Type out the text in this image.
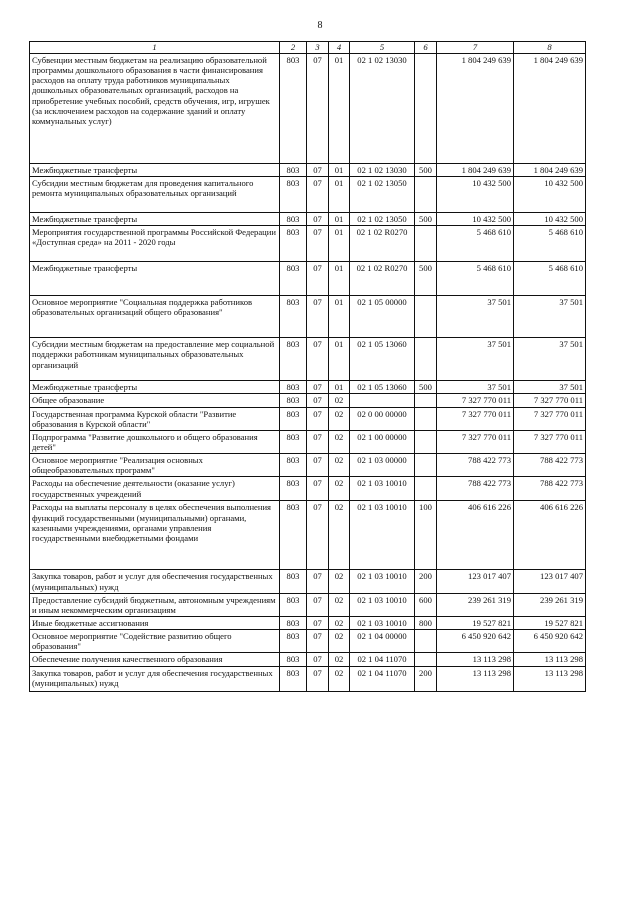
8
1	2	3	4	5	6	7	8
Субвенции местным бюджетам на реализацию образовательной программы дошкольного образования в части финансирования расходов на оплату труда работников муниципальных дошкольных образовательных организаций, расходов на приобретение учебных пособий, средств обучения, игр, игрушек (за исключением расходов на содержание зданий и оплату коммунальных услуг)	803	07	01	02 1 02 13030		1 804 249 639	1 804 249 639
Межбюджетные трансферты	803	07	01	02 1 02 13030	500	1 804 249 639	1 804 249 639
Субсидии местным бюджетам для проведения капитального ремонта муниципальных образовательных организаций	803	07	01	02 1 02 13050		10 432 500	10 432 500
Межбюджетные трансферты	803	07	01	02 1 02 13050	500	10 432 500	10 432 500
Мероприятия государственной программы Российской Федерации «Доступная среда» на 2011 - 2020 годы	803	07	01	02 1 02 R0270		5 468 610	5 468 610
Межбюджетные трансферты	803	07	01	02 1 02 R0270	500	5 468 610	5 468 610
Основное мероприятие "Социальная поддержка работников образовательных организаций общего образования"	803	07	01	02 1 05 00000		37 501	37 501
Субсидии местным бюджетам на предоставление мер социальной поддержки работникам муниципальных образовательных организаций	803	07	01	02 1 05 13060		37 501	37 501
Межбюджетные трансферты	803	07	01	02 1 05 13060	500	37 501	37 501
Общее образование	803	07	02			7 327 770 011	7 327 770 011
Государственная программа Курской области "Развитие образования в Курской области"	803	07	02	02 0 00 00000		7 327 770 011	7 327 770 011
Подпрограмма "Развитие дошкольного и общего образования детей"	803	07	02	02 1 00 00000		7 327 770 011	7 327 770 011
Основное мероприятие "Реализация основных общеобразовательных программ"	803	07	02	02 1 03 00000		788 422 773	788 422 773
Расходы на обеспечение деятельности (оказание услуг) государственных учреждений	803	07	02	02 1 03 10010		788 422 773	788 422 773
Расходы на выплаты персоналу в целях обеспечения выполнения функций государственными (муниципальными) органами, казенными учреждениями, органами управления государственными внебюджетными фондами	803	07	02	02 1 03 10010	100	406 616 226	406 616 226
Закупка товаров, работ и услуг для обеспечения государственных (муниципальных) нужд	803	07	02	02 1 03 10010	200	123 017 407	123 017 407
Предоставление субсидий бюджетным, автономным учреждениям и иным некоммерческим организациям	803	07	02	02 1 03 10010	600	239 261 319	239 261 319
Иные бюджетные ассигнования	803	07	02	02 1 03 10010	800	19 527 821	19 527 821
Основное мероприятие "Содействие развитию общего образования"	803	07	02	02 1 04 00000		6 450 920 642	6 450 920 642
Обеспечение получения качественного образования	803	07	02	02 1 04 11070		13 113 298	13 113 298
Закупка товаров, работ и услуг для обеспечения государственных (муниципальных) нужд	803	07	02	02 1 04 11070	200	13 113 298	13 113 298
